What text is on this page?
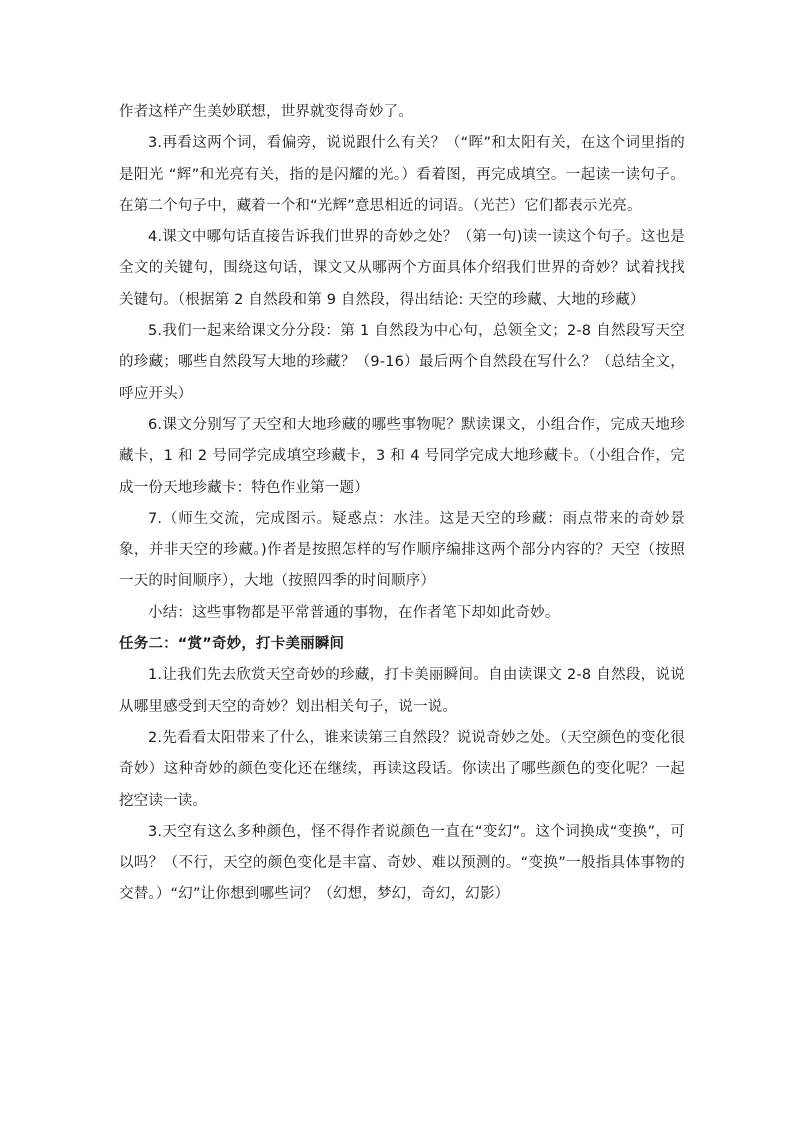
作者这样产生美妙联想，世界就变得奇妙了。

3.再看这两个词，看偏旁，说说跟什么有关？（“晖”和太阳有关，在这个词里指的是阳光 “辉”和光亮有关，指的是闪耀的光。）看着图，再完成填空。一起读一读句子。在第二个句子中，藏着一个和“光辉”意思相近的词语。（光芒）它们都表示光亮。

4.课文中哪句话直接告诉我们世界的奇妙之处？（第一句)读一读这个句子。这也是全文的关键句，围绕这句话，课文又从哪两个方面具体介绍我们世界的奇妙？试着找找关键句。（根据第 2 自然段和第 9 自然段，得出结论: 天空的珍藏、大地的珍藏）

5.我们一起来给课文分分段：第 1 自然段为中心句，总领全文；2-8 自然段写天空的珍藏；哪些自然段写大地的珍藏？（9-16）最后两个自然段在写什么？（总结全文，呼应开头）

6.课文分别写了天空和大地珍藏的哪些事物呢？默读课文，小组合作，完成天地珍藏卡，1 和 2 号同学完成填空珍藏卡，3 和 4 号同学完成大地珍藏卡。（小组合作，完成一份天地珍藏卡：特色作业第一题）

7.（师生交流，完成图示。疑惑点：水洼。这是天空的珍藏：雨点带来的奇妙景象，并非天空的珍藏。)作者是按照怎样的写作顺序编排这两个部分内容的？天空（按照一天的时间顺序），大地（按照四季的时间顺序）

小结：这些事物都是平常普通的事物，在作者笔下却如此奇妙。

任务二：“赏”奇妙，打卡美丽瞬间

1.让我们先去欣赏天空奇妙的珍藏，打卡美丽瞬间。自由读课文 2-8 自然段，说说从哪里感受到天空的奇妙？划出相关句子，说一说。

2.先看看太阳带来了什么，谁来读第三自然段？说说奇妙之处。（天空颜色的变化很奇妙）这种奇妙的颜色变化还在继续，再读这段话。你读出了哪些颜色的变化呢？一起挖空读一读。

3.天空有这么多种颜色，怪不得作者说颜色一直在“变幻”。这个词换成“变换”，可以吗？（不行，天空的颜色变化是丰富、奇妙、难以预测的。“变换”一般指具体事物的交替。）“幻”让你想到哪些词？（幻想，梦幻，奇幻，幻影）
